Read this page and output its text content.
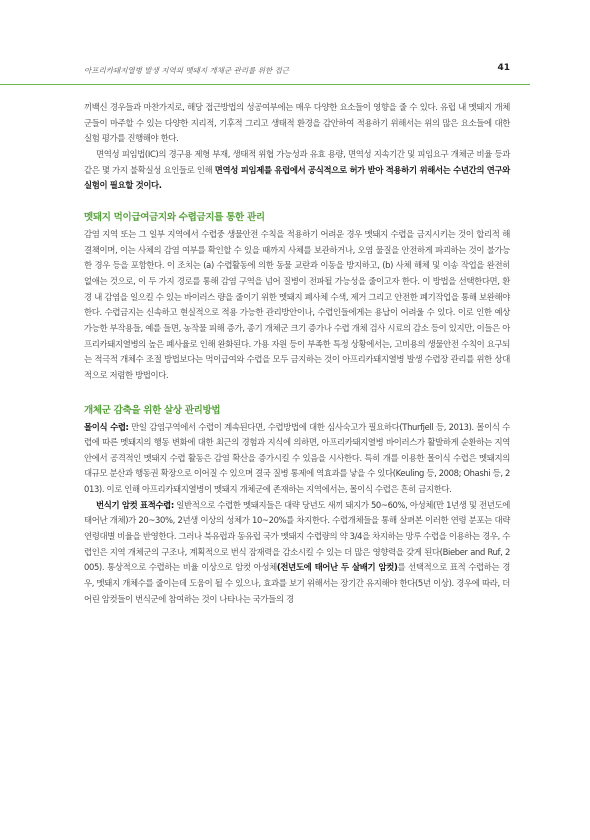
아프리카돼지열병 발생 지역의 멧돼지 개체군 관리를 위한 접근	41

끼백신 경우들과 마찬가지로, 해당 접근방법의 성공여부에는 매우 다양한 요소들이 영향을 줄 수 있다. 유럽 내 멧돼지 개체군들이 마주할 수 있는 다양한 지리적, 기후적 그리고 생태적 환경을 감안하여 적용하기 위해서는 위의 많은 요소들에 대한 실험 평가를 진행해야 한다.

면역성 피임법(IC)의 경구용 제형 부재, 생태적 위협 가능성과 유효 용량, 면역성 지속기간 및 피임요구 개체군 비율 등과 같은 몇 가지 불확실성 요인들로 인해 면역성 피임제를 유럽에서 공식적으로 허가 받아 적용하기 위해서는 수년간의 연구와 실험이 필요할 것이다.

멧돼지 먹이급여금지와 수렵금지를 통한 관리

감염 지역 또는 그 일부 지역에서 수렵중 생물안전 수칙을 적용하기 어려운 경우 멧돼지 수렵을 금지시키는 것이 합리적 해결책이며, 이는 사체의 감염 여부를 확인할 수 있을 때까지 사체를 보관하거나, 오염 물질을 안전하게 파괴하는 것이 불가능한 경우 등을 포함한다. 이 조치는 (a) 수렵활동에 의한 동물 교란과 이동을 방지하고, (b) 사체 해체 및 이송 작업을 완전히 없애는 것으로, 이 두 가지 경로를 통해 감염 구역을 넘어 질병이 전파될 가능성을 줄이고자 한다. 이 방법을 선택한다면, 환경 내 감염을 일으킬 수 있는 바이러스 량을 줄이기 위한 멧돼지 폐사체 수색, 제거 그리고 안전한 폐기작업을 통해 보완해야 한다. 수렵금지는 신속하고 현실적으로 적용 가능한 관리방안이나, 수렵인들에게는 용납이 어려울 수 있다. 이로 인한 예상가능한 부작용들, 예를 들면, 농작물 피해 증가, 종기 개체군 크기 증가나 수렵 개체 검사 시료의 감소 등이 있지만, 이들은 아프리카돼지열병의 높은 폐사율로 인해 완화된다. 가용 자원 등이 부족한 특정 상황에서는, 고비용의 생물안전 수칙이 요구되는 적극적 개체수 조절 방법보다는 먹이급여와 수렵을 모두 금지하는 것이 아프리카돼지열병 발생 수렵장 관리를 위한 상대적으로 저렴한 방법이다.

개체군 감축을 위한 살상 관리방법

몰이식 수렵: 만일 감염구역에서 수렵이 계속된다면, 수렵방법에 대한 심사숙고가 필요하다(Thurfjell 등, 2013). 몰이식 수렵에 따른 멧돼지의 행동 변화에 대한 최근의 경험과 지식에 의하면, 아프리카돼지열병 바이러스가 활발하게 순환하는 지역 안에서 공격적인 멧돼지 수렵 활동은 감염 확산을 증가시킬 수 있음을 시사한다. 특히 개를 이용한 몰이식 수렵은 멧돼지의 대규모 분산과 행동권 확장으로 이어질 수 있으며 결국 질병 통제에 역효과를 낳을 수 있다(Keuling 등, 2008; Ohashi 등, 2013). 이로 인해 아프리카돼지열병이 멧돼지 개체군에 존재하는 지역에서는, 몰이식 수렵은 흔히 금지한다.

번식기 암컷 표적수렵: 일반적으로 수렵한 멧돼지들은 대략 당년도 새끼 돼지가 50~60%, 아성체(만 1년생 및 전년도에 태어난 개체)가 20~30%, 2년생 이상의 성체가 10~20%를 차지한다. 수렵개체들을 통해 살펴본 이러한 연령 분포는 대략 연령대별 비율을 반영한다. 그러나 북유럽과 동유럽 국가 멧돼지 수렵량의 약 3/4을 차지하는 망루 수렵을 이용하는 경우, 수렵인은 지역 개체군의 구조나, 계획적으로 번식 잠재력을 감소시킬 수 있는 더 많은 영향력을 갖게 된다(Bieber and Ruf, 2005). 통상적으로 수렵하는 비율 이상으로 암컷 아성체(전년도에 태어난 두 살배기 암컷)를 선택적으로 표적 수렵하는 경우, 멧돼지 개체수를 줄이는데 도움이 될 수 있으나, 효과를 보기 위해서는 장기간 유지해야 한다(5년 이상). 경우에 따라, 더 어린 암컷들이 번식군에 참여하는 것이 나타나는 국가들의 경
